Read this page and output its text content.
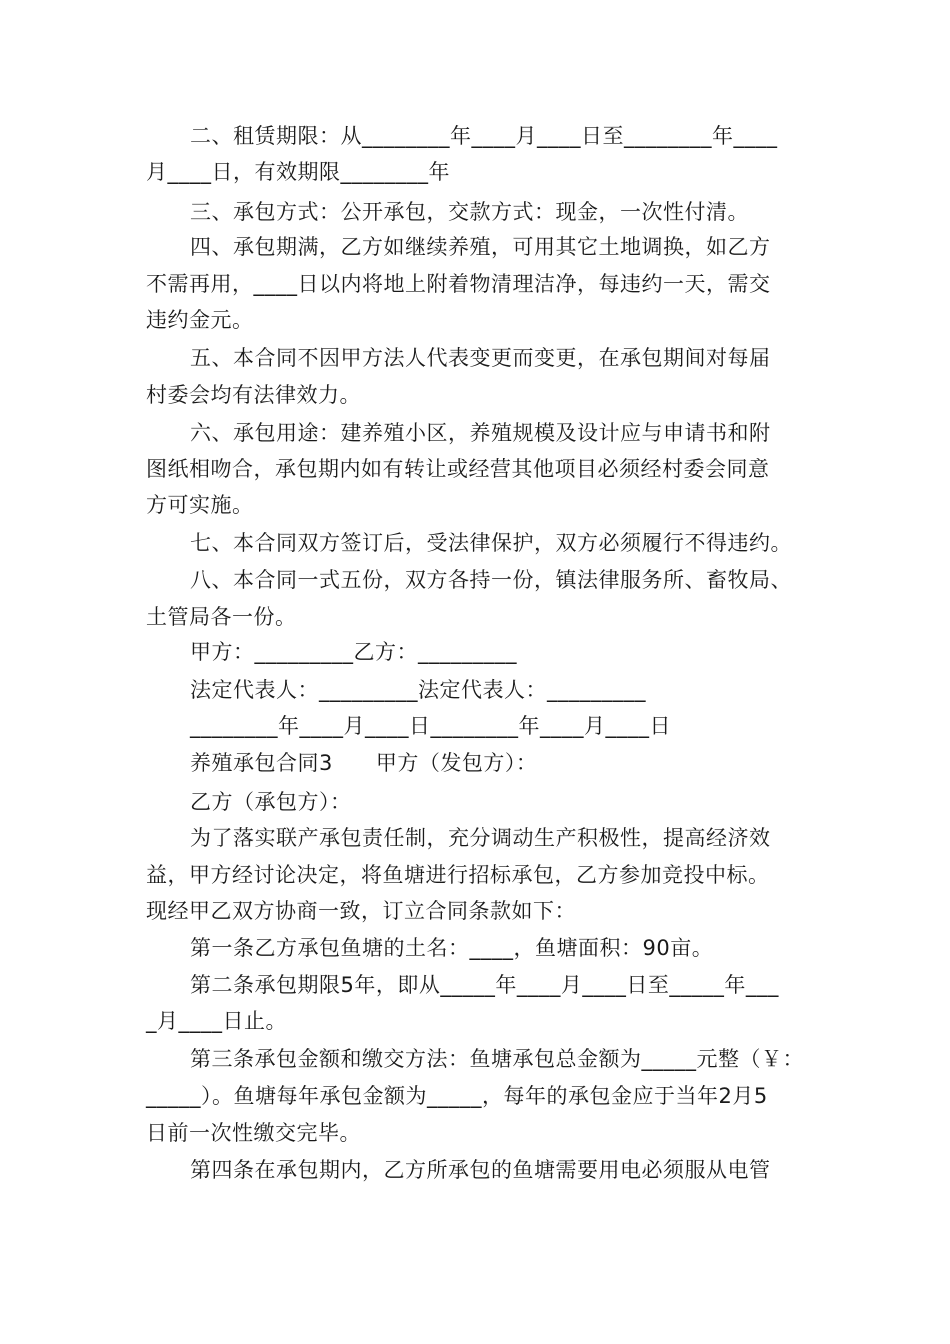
二、租赁期限：从________年____月____日至________年____
月____日，有效期限________年
三、承包方式：公开承包，交款方式：现金，一次性付清。
四、承包期满，乙方如继续养殖，可用其它土地调换，如乙方
不需再用，____日以内将地上附着物清理洁净，每违约一天，需交
违约金元。
五、本合同不因甲方法人代表变更而变更，在承包期间对每届
村委会均有法律效力。
六、承包用途：建养殖小区，养殖规模及设计应与申请书和附
图纸相吻合，承包期内如有转让或经营其他项目必须经村委会同意
方可实施。
七、本合同双方签订后，受法律保护，双方必须履行不得违约。
八、本合同一式五份，双方各持一份，镇法律服务所、畜牧局、
土管局各一份。
甲方：_________乙方：_________
法定代表人：_________法定代表人：_________
________年____月____日________年____月____日
养殖承包合同3　　甲方（发包方）：
乙方（承包方）：
为了落实联产承包责任制，充分调动生产积极性，提高经济效
益，甲方经讨论决定，将鱼塘进行招标承包，乙方参加竞投中标。
现经甲乙双方协商一致，订立合同条款如下：
第一条乙方承包鱼塘的土名：____，鱼塘面积：90亩。
第二条承包期限5年，即从_____年____月____日至_____年___
_月____日止。
第三条承包金额和缴交方法：鱼塘承包总金额为_____元整（￥：
_____）。鱼塘每年承包金额为_____，每年的承包金应于当年2月5
日前一次性缴交完毕。
第四条在承包期内，乙方所承包的鱼塘需要用电必须服从电管
